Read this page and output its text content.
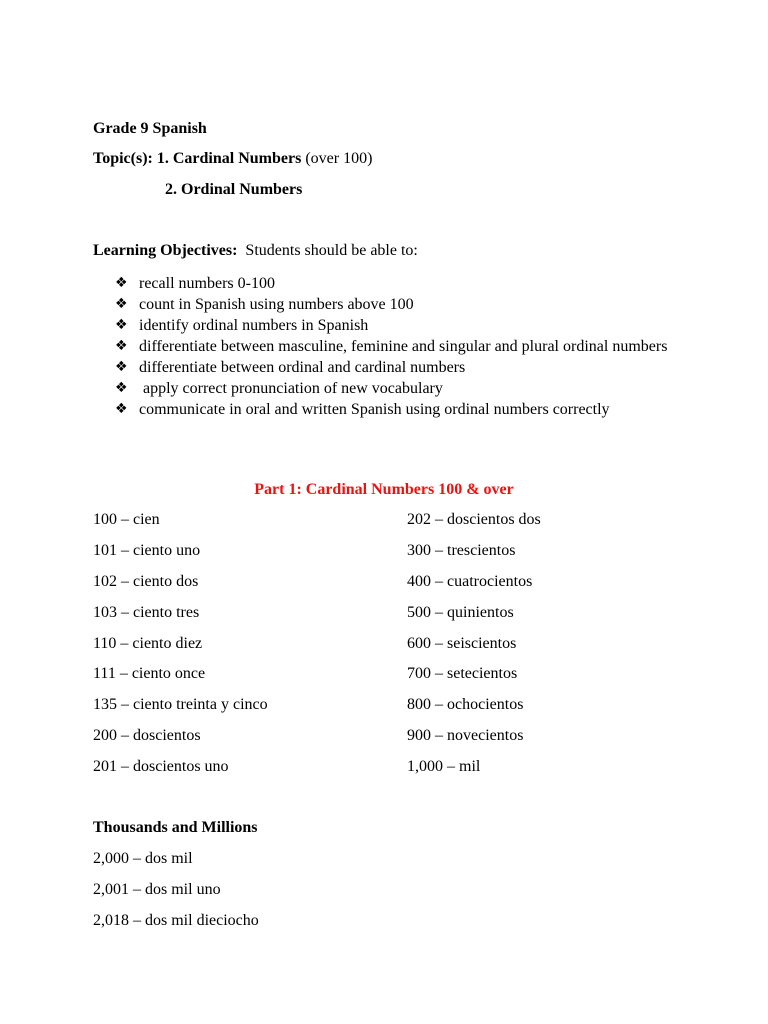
Grade 9 Spanish
Topic(s): 1. Cardinal Numbers (over 100)
2. Ordinal Numbers
Learning Objectives: Students should be able to:
❖ recall numbers 0-100
❖ count in Spanish using numbers above 100
❖ identify ordinal numbers in Spanish
❖ differentiate between masculine, feminine and singular and plural ordinal numbers
❖ differentiate between ordinal and cardinal numbers
❖ apply correct pronunciation of new vocabulary
❖ communicate in oral and written Spanish using ordinal numbers correctly
Part 1: Cardinal Numbers 100 & over
100 – cien
101 – ciento uno
102 – ciento dos
103 – ciento tres
110 – ciento diez
111 – ciento once
135 – ciento treinta y cinco
200 – doscientos
201 – doscientos uno
202 – doscientos dos
300 – trescientos
400 – cuatrocientos
500 – quinientos
600 – seiscientos
700 – setecientos
800 – ochocientos
900 – novecientos
1,000 – mil
Thousands and Millions
2,000 – dos mil
2,001 – dos mil uno
2,018 – dos mil dieciocho
